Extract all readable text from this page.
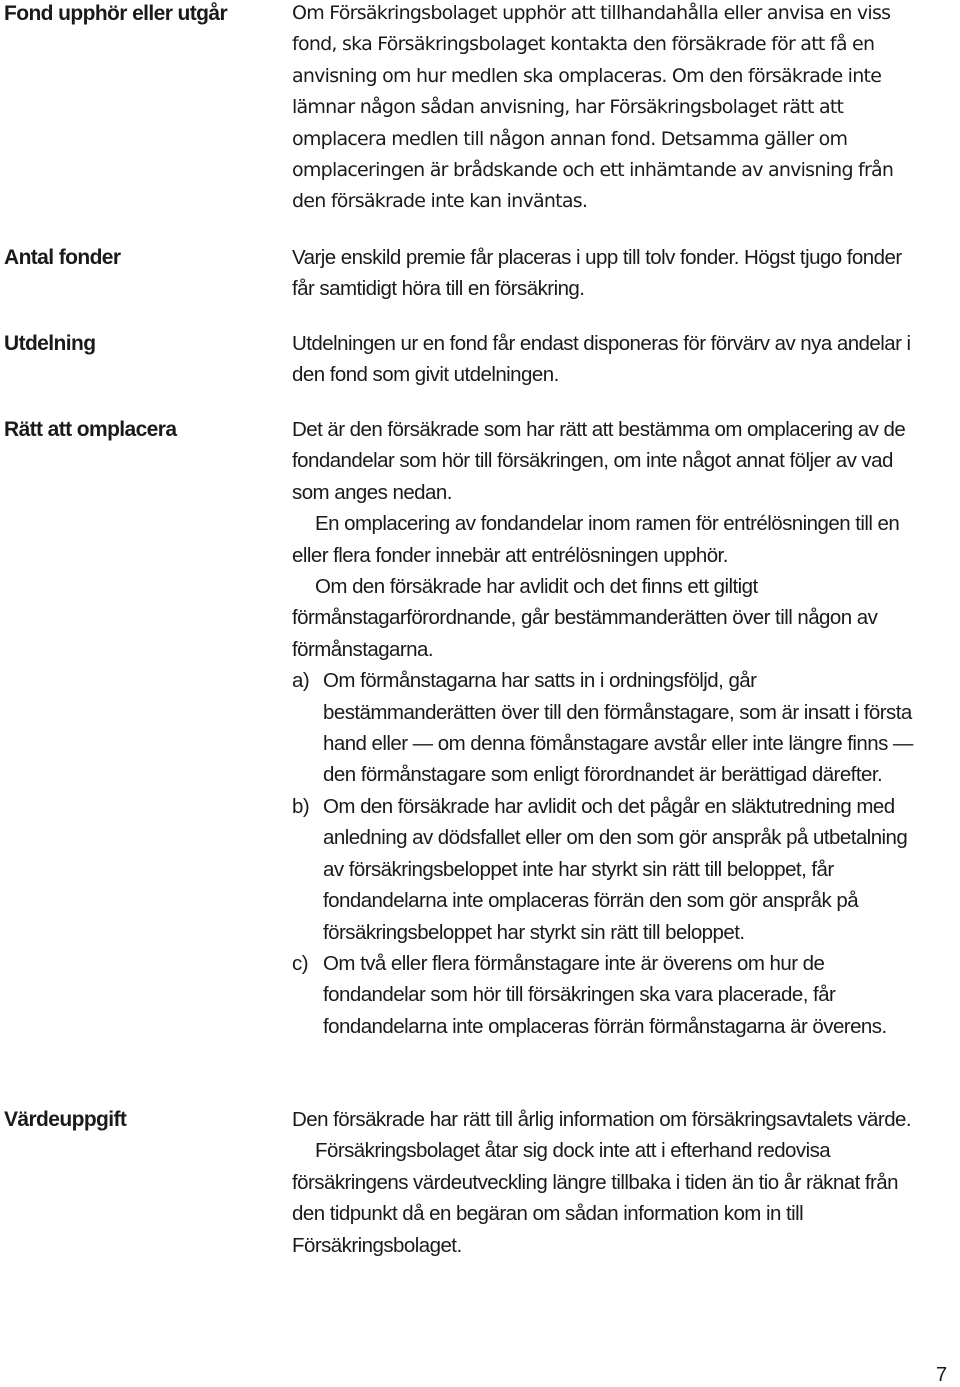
Fond upphör eller utgår	Om Försäkringsbolaget upphör att tillhandahålla eller anvisa en viss fond, ska Försäkringsbolaget kontakta den försäkrade för att få en anvisning om hur medlen ska omplaceras. Om den försäkrade inte lämnar någon sådan anvisning, har Försäkringsbolaget rätt att omplacera medlen till någon annan fond. Detsamma gäller om omplaceringen är brådskande och ett inhämtande av anvisning från den försäkrade inte kan inväntas.

Antal fonder	Varje enskild premie får placeras i upp till tolv fonder. Högst tjugo fonder får samtidigt höra till en försäkring.

Utdelning	Utdelningen ur en fond får endast disponeras för förvärv av nya andelar i den fond som givit utdelningen.

Rätt att omplacera	Det är den försäkrade som har rätt att bestämma om omplacering av de fondandelar som hör till försäkringen, om inte något annat följer av vad som anges nedan.

En omplacering av fondandelar inom ramen för entrélösningen till en eller flera fonder innebär att entrélösningen upphör.

Om den försäkrade har avlidit och det finns ett giltigt förmånstagarförordnande, går bestämmanderätten över till någon av förmånstagarna.

a) Om förmånstagarna har satts in i ordningsföljd, går bestämmanderätten över till den förmånstagare, som är insatt i första hand eller — om denna fömånstagare avstår eller inte längre finns — den förmånstagare som enligt förordnandet är berättigad därefter.
b) Om den försäkrade har avlidit och det pågår en släktutredning med anledning av dödsfallet eller om den som gör anspråk på utbetalning av försäkringsbeloppet inte har styrkt sin rätt till beloppet, får fondandelarna inte omplaceras förrän den som gör anspråk på försäkringsbeloppet har styrkt sin rätt till beloppet.
c) Om två eller flera förmånstagare inte är överens om hur de fondandelar som hör till försäkringen ska vara placerade, får fondandelarna inte omplaceras förrän förmånstagarna är överens.
Värdeuppgift	Den försäkrade har rätt till årlig information om försäkringsavtalets värde.

Försäkringsbolaget åtar sig dock inte att i efterhand redovisa försäkringens värdeutveckling längre tillbaka i tiden än tio år räknat från den tidpunkt då en begäran om sådan information kom in till Försäkringsbolaget.

7
